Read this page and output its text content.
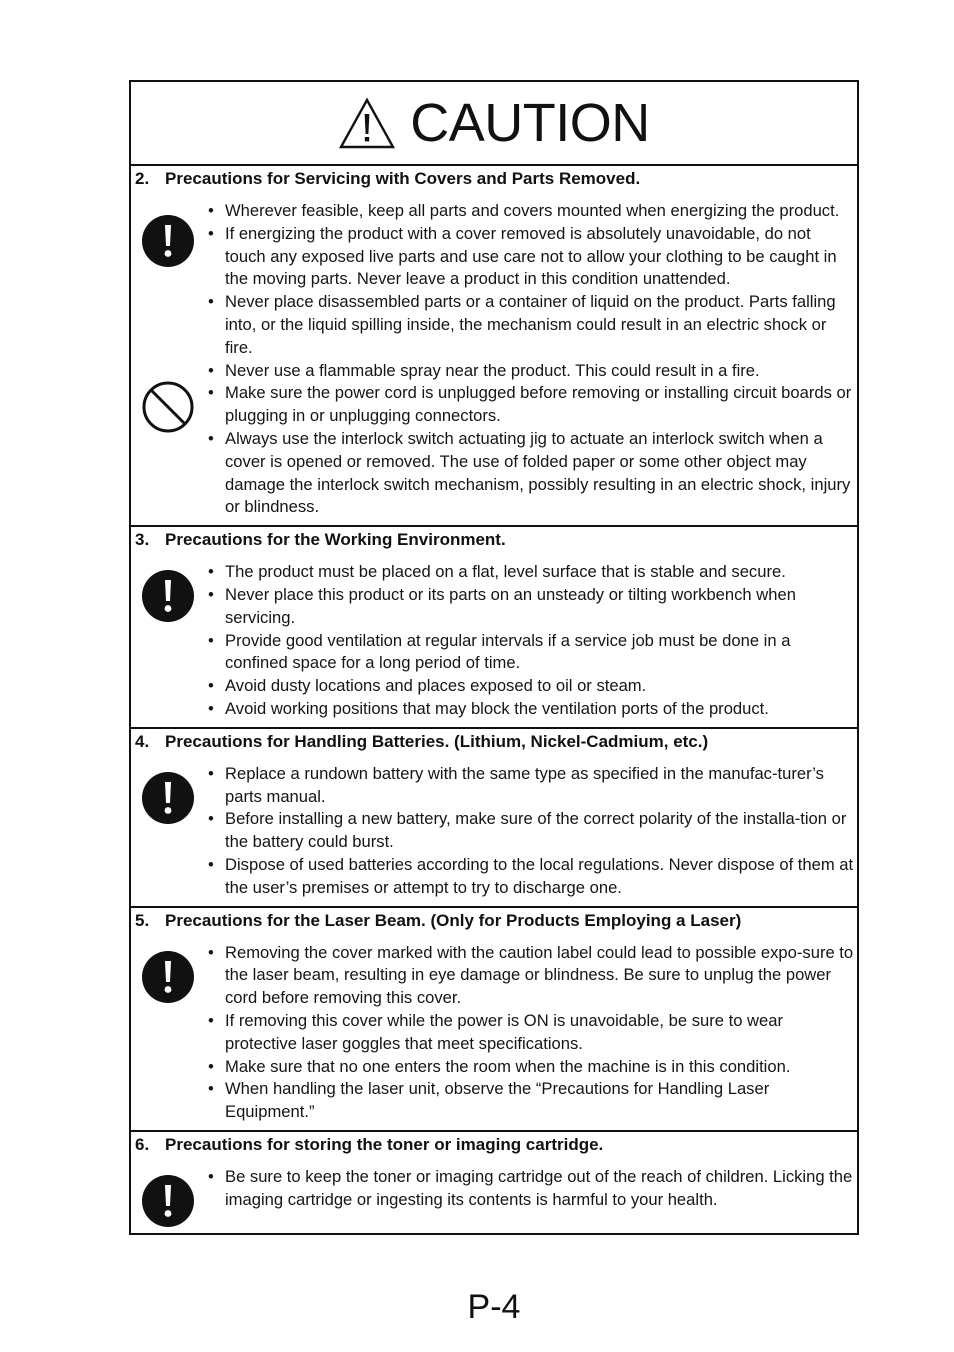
CAUTION
2. Precautions for Servicing with Covers and Parts Removed.
• Wherever feasible, keep all parts and covers mounted when energizing the product.
• If energizing the product with a cover removed is absolutely unavoidable, do not touch any exposed live parts and use care not to allow your clothing to be caught in the moving parts. Never leave a product in this condition unattended.
• Never place disassembled parts or a container of liquid on the product. Parts falling into, or the liquid spilling inside, the mechanism could result in an electric shock or fire.
• Never use a flammable spray near the product. This could result in a fire.
• Make sure the power cord is unplugged before removing or installing circuit boards or plugging in or unplugging connectors.
• Always use the interlock switch actuating jig to actuate an interlock switch when a cover is opened or removed. The use of folded paper or some other object may damage the interlock switch mechanism, possibly resulting in an electric shock, injury or blindness.
3. Precautions for the Working Environment.
• The product must be placed on a flat, level surface that is stable and secure.
• Never place this product or its parts on an unsteady or tilting workbench when servicing.
• Provide good ventilation at regular intervals if a service job must be done in a confined space for a long period of time.
• Avoid dusty locations and places exposed to oil or steam.
• Avoid working positions that may block the ventilation ports of the product.
4. Precautions for Handling Batteries. (Lithium, Nickel-Cadmium, etc.)
• Replace a rundown battery with the same type as specified in the manufac-turer’s parts manual.
• Before installing a new battery, make sure of the correct polarity of the installa-tion or the battery could burst.
• Dispose of used batteries according to the local regulations. Never dispose of them at the user’s premises or attempt to try to discharge one.
5. Precautions for the Laser Beam. (Only for Products Employing a Laser)
• Removing the cover marked with the caution label could lead to possible expo-sure to the laser beam, resulting in eye damage or blindness. Be sure to unplug the power cord before removing this cover.
• If removing this cover while the power is ON is unavoidable, be sure to wear protective laser goggles that meet specifications.
• Make sure that no one enters the room when the machine is in this condition.
• When handling the laser unit, observe the “Precautions for Handling Laser Equipment.”
6. Precautions for storing the toner or imaging cartridge.
• Be sure to keep the toner or imaging cartridge out of the reach of children. Licking the imaging cartridge or ingesting its contents is harmful to your health.
P-4
